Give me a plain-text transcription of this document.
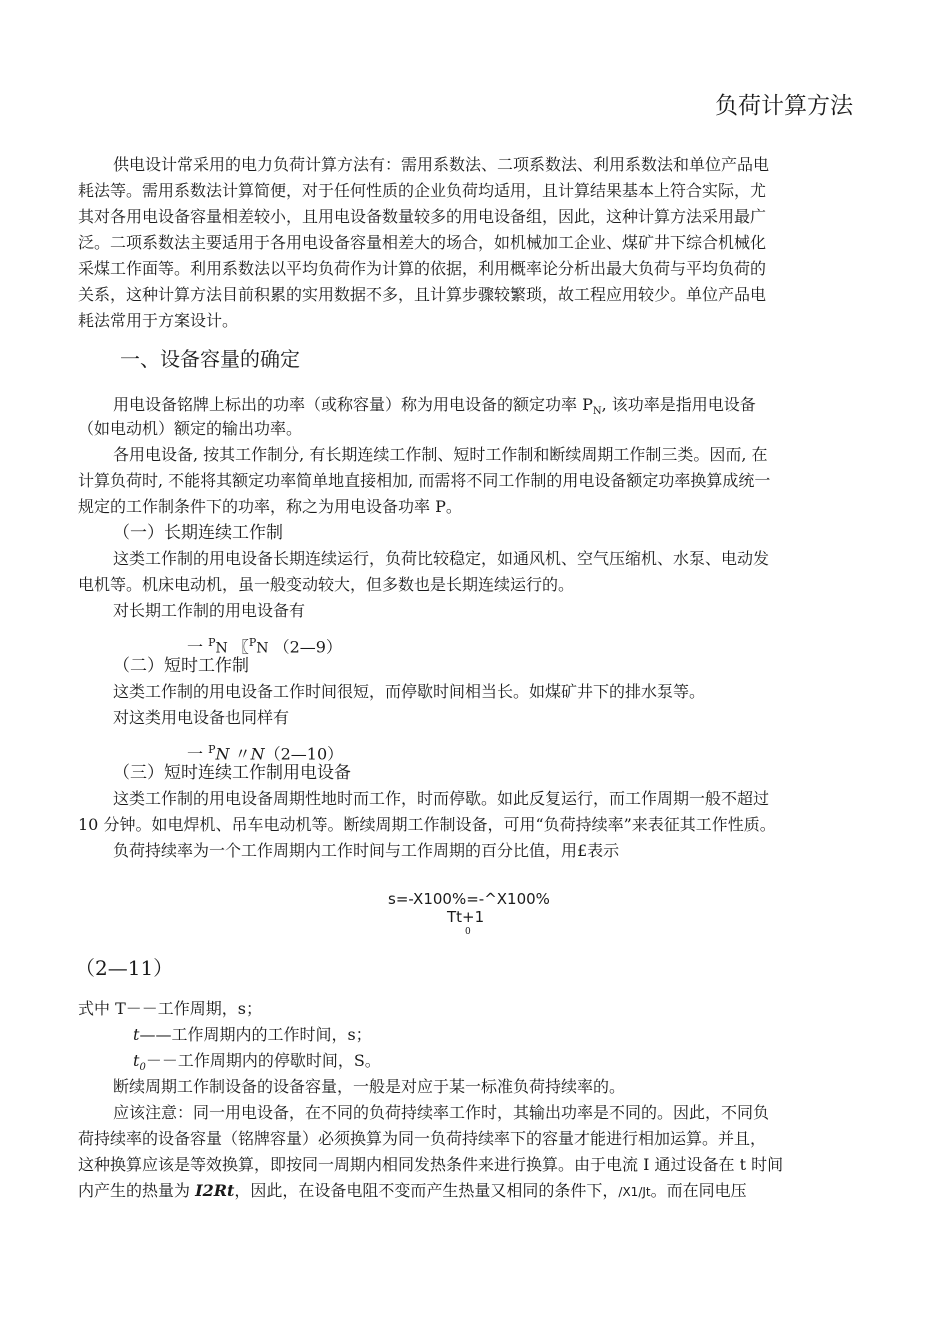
负荷计算方法
供电设计常采用的电力负荷计算方法有：需用系数法、二项系数法、利用系数法和单位产品电
耗法等。需用系数法计算简便，对于任何性质的企业负荷均适用，且计算结果基本上符合实际，尤
其对各用电设备容量相差较小，且用电设备数量较多的用电设备组，因此，这种计算方法采用最广
泛。二项系数法主要适用于各用电设备容量相差大的场合，如机械加工企业、煤矿井下综合机械化
采煤工作面等。利用系数法以平均负荷作为计算的依据，利用概率论分析出最大负荷与平均负荷的
关系，这种计算方法目前积累的实用数据不多，且计算步骤较繁琐，故工程应用较少。单位产品电
耗法常用于方案设计。
一、设备容量的确定
用电设备铭牌上标出的功率（或称容量）称为用电设备的额定功率 $P_N$, 该功率是指用电设备
（如电动机）额定的输出功率。
各用电设备, 按其工作制分, 有长期连续工作制、短时工作制和断续周期工作制三类。因而, 在
计算负荷时, 不能将其额定功率简单地直接相加, 而需将不同工作制的用电设备额定功率换算成统一
规定的工作制条件下的功率，称之为用电设备功率 P。
（一）长期连续工作制
这类工作制的用电设备长期连续运行，负荷比较稳定，如通风机、空气压缩机、水泵、电动发
电机等。机床电动机，虽一般变动较大，但多数也是长期连续运行的。
对长期工作制的用电设备有
一 $^P$N 〖$^P$N （2—9）
（二）短时工作制
这类工作制的用电设备工作时间很短，而停歇时间相当长。如煤矿井下的排水泵等。
对这类用电设备也同样有
一 $^P$N 〃N（2—10）
（三）短时连续工作制用电设备
这类工作制的用电设备周期性地时而工作，时而停歇。如此反复运行，而工作周期一般不超过
10 分钟。如电焊机、吊车电动机等。断续周期工作制设备，可用“负荷持续率”来表征其工作性质。
负荷持续率为一个工作周期内工作时间与工作周期的百分比值，用£表示
s=-X100%=-^X100%
Tt+1
0
（2—11）
式中 T－－工作周期，s；
t——工作周期内的工作时间，s；
$t_0--$工作周期内的停歇时间，S。
断续周期工作制设备的设备容量，一般是对应于某一标准负荷持续率的。
应该注意：同一用电设备，在不同的负荷持续率工作时，其输出功率是不同的。因此，不同负
荷持续率的设备容量（铭牌容量）必须换算为同一负荷持续率下的容量才能进行相加运算。并且，
这种换算应该是等效换算，即按同一周期内相同发热条件来进行换算。由于电流 I 通过设备在 t 时间
内产生的热量为 I2Rt，因此，在设备电阻不变而产生热量又相同的条件下，/X1/Jt。而在同电压
